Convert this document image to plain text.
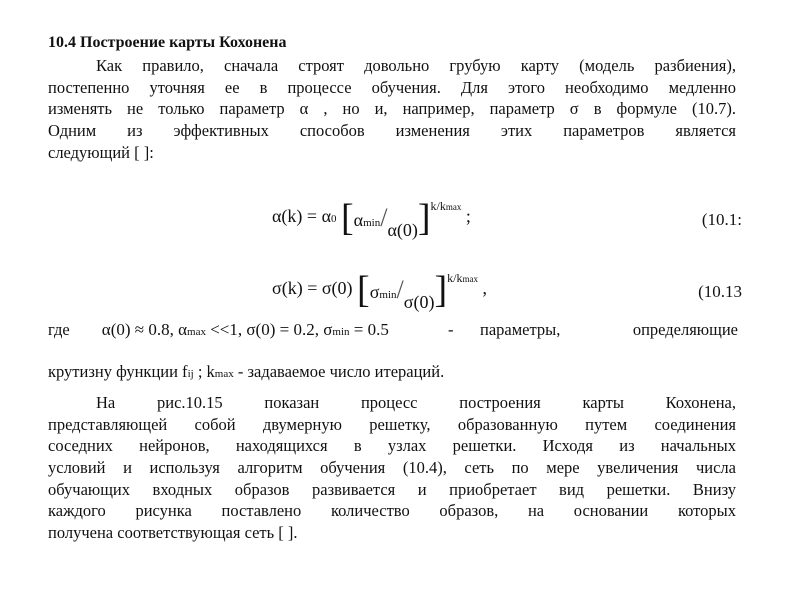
10.4 Построение карты Кохонена
Как правило, сначала строят довольно грубую карту (модель разбиения),
постепенно уточняя ее в процессе обучения. Для этого необходимо медленно
изменять не только параметр α , но и, например, параметр σ в формуле (10.7).
Одним из эффективных способов изменения этих параметров является
следующий [ ]:
α(k) = α0 $[\alpha\min/\alpha(0)]^{k/kmax}$ ;	(10.1:
σ(k) = σ(0) $[\sigma\min/\sigma(0)]^{k/kmax}$ ,	(10.13
где α(0) ≈ 0.8, αmax <<1, σ(0) = 0.2, σmin = 0.5	- параметры,	определяющие
крутизну функции fij ; kmax - задаваемое число итераций.
На рис.10.15 показан процесс построения карты Кохонена,
представляющей собой двумерную решетку, образованную путем соединения
соседних нейронов, находящихся в узлах решетки. Исходя из начальных
условий и используя алгоритм обучения (10.4), сеть по мере увеличения числа
обучающих входных образов развивается и приобретает вид решетки. Внизу
каждого рисунка поставлено количество образов, на основании которых
получена соответствующая сеть [ ].
